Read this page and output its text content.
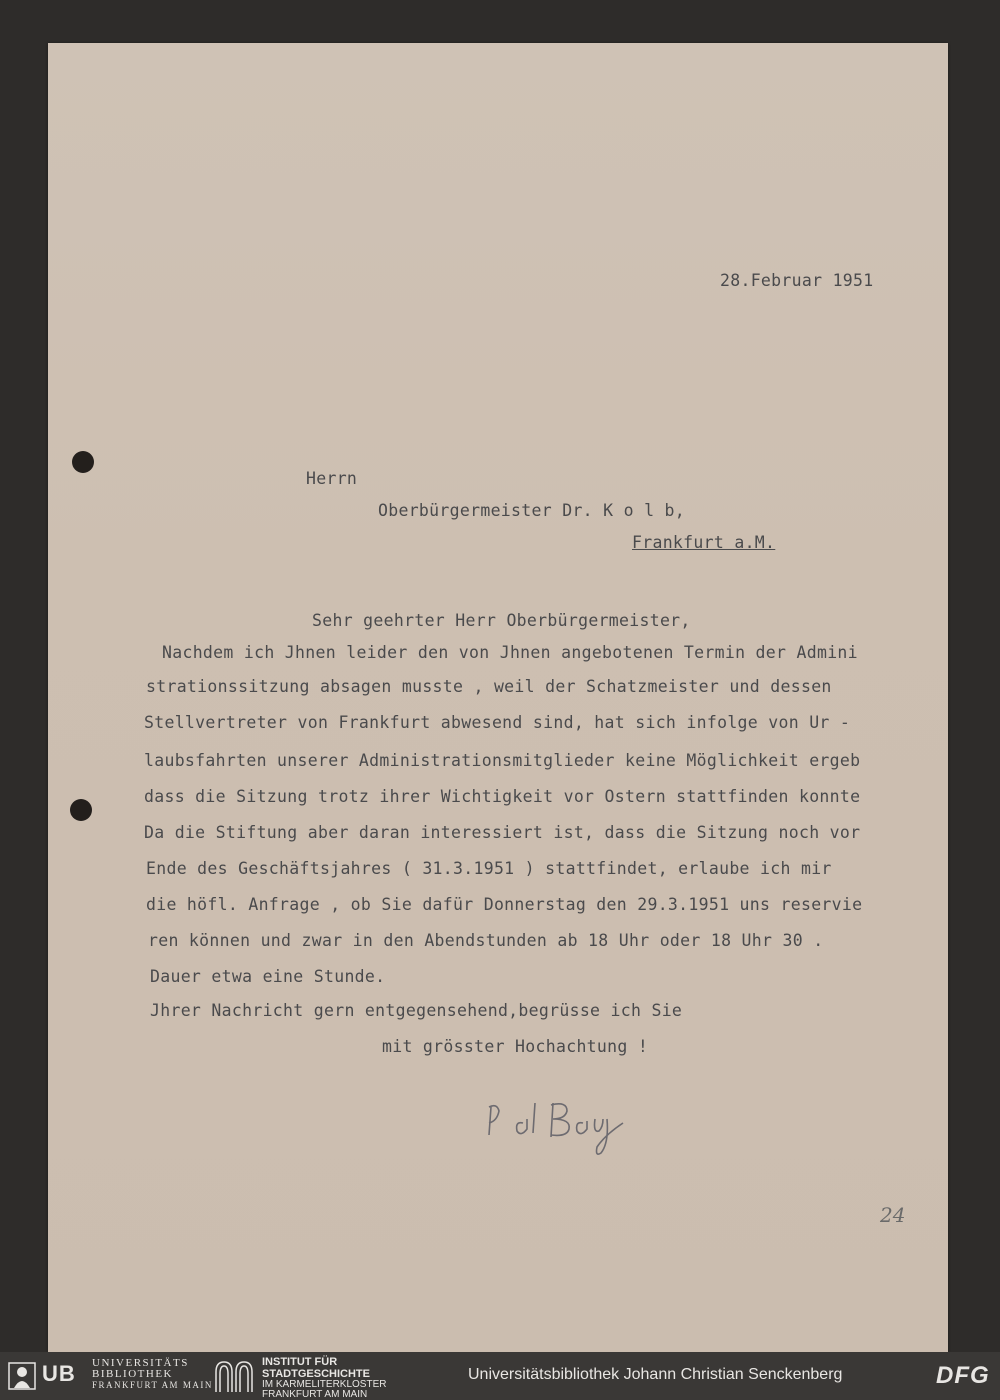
28.Februar 1951
Herrn
Oberbürgermeister Dr. K o l b,
Frankfurt a.M.
Sehr geehrter Herr Oberbürgermeister,
Nachdem ich Jhnen leider den von Jhnen angebotenen Termin der Admini
strationssitzung absagen musste , weil der Schatzmeister und dessen
Stellvertreter von Frankfurt abwesend sind, hat sich infolge von Ur -
laubsfahrten unserer Administrationsmitglieder keine Möglichkeit ergeb
dass die Sitzung trotz ihrer Wichtigkeit vor Ostern stattfinden konnte
Da die Stiftung aber daran interessiert ist, dass die Sitzung noch vor
Ende des Geschäftsjahres ( 31.3.1951 ) stattfindet, erlaube ich mir
die höfl. Anfrage , ob Sie dafür Donnerstag den 29.3.1951 uns reservie
ren können und zwar in den Abendstunden ab 18 Uhr oder 18 Uhr 30 .
Dauer etwa eine Stunde.
Jhrer Nachricht gern entgegensehend,begrüsse ich Sie
mit grösster Hochachtung !
24
UB UNIVERSITÄTS
BIBLIOTHEK
FRANKFURT AM MAIN
INSTITUT FÜR
STADTGESCHICHTE
IM KARMELITERKLOSTER
FRANKFURT AM MAIN
Universitätsbibliothek Johann Christian Senckenberg	DFG
